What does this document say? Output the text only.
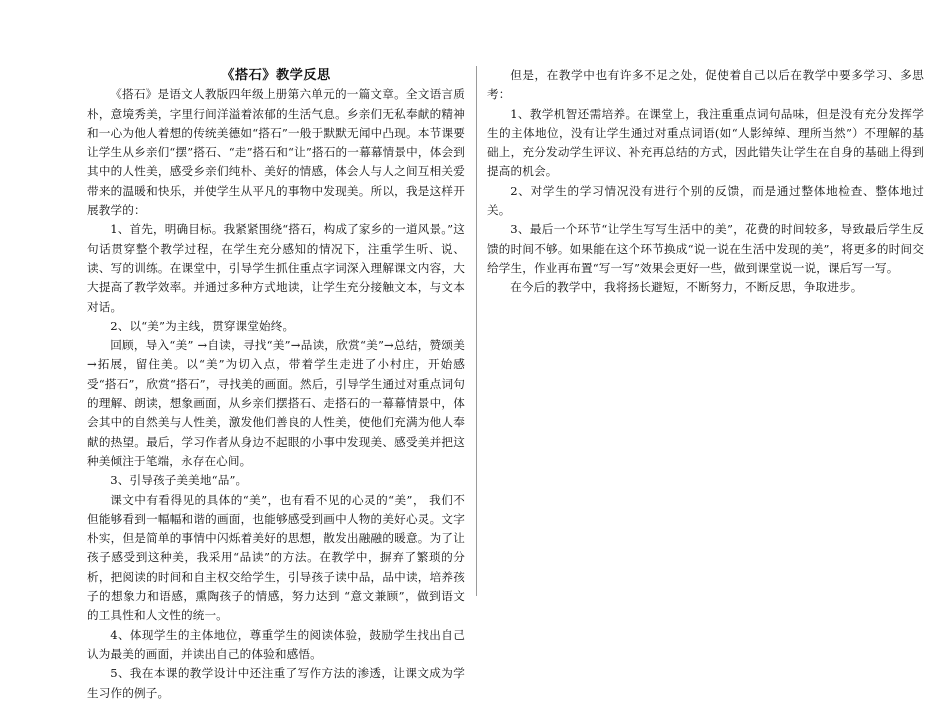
《搭石》教学反思

《搭石》是语文人教版四年级上册第六单元的一篇文章。全文语言质朴，意境秀美，字里行间洋溢着浓郁的生活气息。乡亲们无私奉献的精神和一心为他人着想的传统美德如“搭石”一般于默默无闻中凸现。本节课要让学生从乡亲们“摆”搭石、“走”搭石和“让”搭石的一幕幕情景中，体会到其中的人性美，感受乡亲们纯朴、美好的情感，体会人与人之间互相关爱带来的温暖和快乐，并使学生从平凡的事物中发现美。所以，我是这样开展教学的：

1、首先，明确目标。我紧紧围绕“搭石，构成了家乡的一道风景。”这句话贯穿整个教学过程，在学生充分感知的情况下，注重学生听、说、读、写的训练。在课堂中，引导学生抓住重点字词深入理解课文内容，大大提高了教学效率。并通过多种方式地读，让学生充分接触文本，与文本对话。

2、以“美”为主线，贯穿课堂始终。

回顾，导入“美” →自读，寻找“美”→品读，欣赏“美”→总结，赞颂美→拓展，留住美。以“美”为切入点，带着学生走进了小村庄，开始感受“搭石”，欣赏“搭石”，寻找美的画面。然后，引导学生通过对重点词句的理解、朗读，想象画面，从乡亲们摆搭石、走搭石的一幕幕情景中，体会其中的自然美与人性美，激发他们善良的人性美，使他们充满为他人奉献的热望。最后，学习作者从身边不起眼的小事中发现美、感受美并把这种美倾注于笔端，永存在心间。

3、引导孩子美美地“品”。

课文中有看得见的具体的“美”，也有看不见的心灵的“美”， 我们不但能够看到一幅幅和谐的画面，也能够感受到画中人物的美好心灵。文字朴实，但是简单的事情中闪烁着美好的思想，散发出融融的暖意。为了让孩子感受到这种美，我采用“品读”的方法。在教学中，摒弃了繁琐的分析，把阅读的时间和自主权交给学生，引导孩子读中品，品中读，培养孩子的想象力和语感，熏陶孩子的情感，努力达到 “意文兼顾”，做到语文的工具性和人文性的统一。

4、体现学生的主体地位，尊重学生的阅读体验，鼓励学生找出自己认为最美的画面，并读出自己的体验和感悟。

5、我在本课的教学设计中还注重了写作方法的渗透，让课文成为学生习作的例子。

但是，在教学中也有许多不足之处，促使着自己以后在教学中要多学习、多思考：

1、教学机智还需培养。在课堂上，我注重重点词句品味，但是没有充分发挥学生的主体地位，没有让学生通过对重点词语(如“人影绰绰、理所当然”）不理解的基础上，充分发动学生评议、补充再总结的方式，因此错失让学生在自身的基础上得到提高的机会。

2、对学生的学习情况没有进行个别的反馈，而是通过整体地检查、整体地过关。

3、最后一个环节“让学生写写生活中的美”，花费的时间较多，导致最后学生反馈的时间不够。如果能在这个环节换成“说一说在生活中发现的美”，将更多的时间交给学生，作业再布置“写一写”效果会更好一些，做到课堂说一说，课后写一写。

在今后的教学中，我将扬长避短，不断努力，不断反思，争取进步。
